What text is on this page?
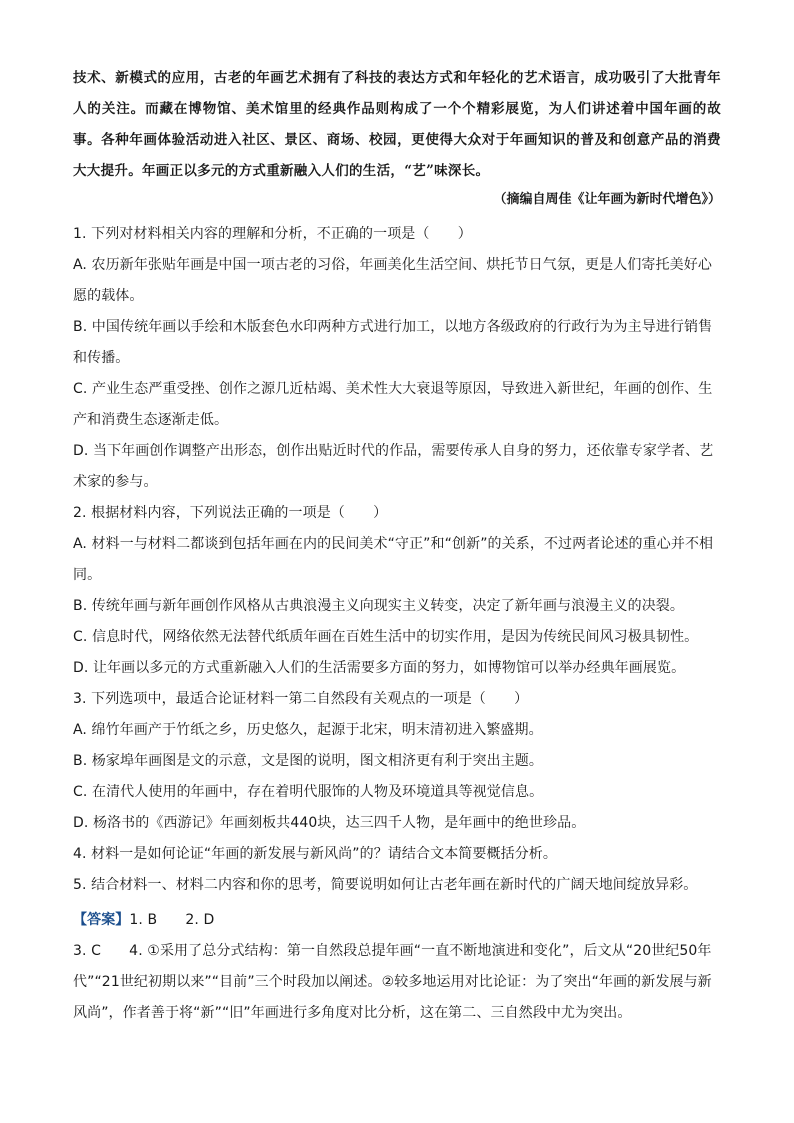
技术、新模式的应用，古老的年画艺术拥有了科技的表达方式和年轻化的艺术语言，成功吸引了大批青年人的关注。而藏在博物馆、美术馆里的经典作品则构成了一个个精彩展览，为人们讲述着中国年画的故事。各种年画体验活动进入社区、景区、商场、校园，更使得大众对于年画知识的普及和创意产品的消费大大提升。年画正以多元的方式重新融入人们的生活，“艺”味深长。

（摘编自周佳《让年画为新时代增色》）

1. 下列对材料相关内容的理解和分析，不正确的一项是（　　）

A. 农历新年张贴年画是中国一项古老的习俗，年画美化生活空间、烘托节日气氛，更是人们寄托美好心愿的载体。

B. 中国传统年画以手绘和木版套色水印两种方式进行加工，以地方各级政府的行政行为为主导进行销售和传播。

C. 产业生态严重受挫、创作之源几近枯竭、美术性大大衰退等原因，导致进入新世纪，年画的创作、生产和消费生态逐渐走低。

D. 当下年画创作调整产出形态，创作出贴近时代的作品，需要传承人自身的努力，还依靠专家学者、艺术家的参与。

2. 根据材料内容，下列说法正确的一项是（　　）

A. 材料一与材料二都谈到包括年画在内的民间美术“守正”和“创新”的关系，不过两者论述的重心并不相同。

B. 传统年画与新年画创作风格从古典浪漫主义向现实主义转变，决定了新年画与浪漫主义的决裂。

C. 信息时代，网络依然无法替代纸质年画在百姓生活中的切实作用，是因为传统民间风习极具韧性。

D. 让年画以多元的方式重新融入人们的生活需要多方面的努力，如博物馆可以举办经典年画展览。

3. 下列选项中，最适合论证材料一第二自然段有关观点的一项是（　　）

A. 绵竹年画产于竹纸之乡，历史悠久，起源于北宋，明末清初进入繁盛期。

B. 杨家埠年画图是文的示意，文是图的说明，图文相济更有利于突出主题。

C. 在清代人使用的年画中，存在着明代服饰的人物及环境道具等视觉信息。

D. 杨洛书的《西游记》年画刻板共440块，达三四千人物，是年画中的绝世珍品。

4. 材料一是如何论证“年画的新发展与新风尚”的？请结合文本简要概括分析。

5. 结合材料一、材料二内容和你的思考，简要说明如何让古老年画在新时代的广阔天地间绽放异彩。

【答案】1. B　　2. D

3. C　　4. ①采用了总分式结构：第一自然段总提年画“一直不断地演进和变化”，后文从“20世纪50年代”“21世纪初期以来”“目前”三个时段加以阐述。②较多地运用对比论证：为了突出“年画的新发展与新风尚”，作者善于将“新”“旧”年画进行多角度对比分析，这在第二、三自然段中尤为突出。
